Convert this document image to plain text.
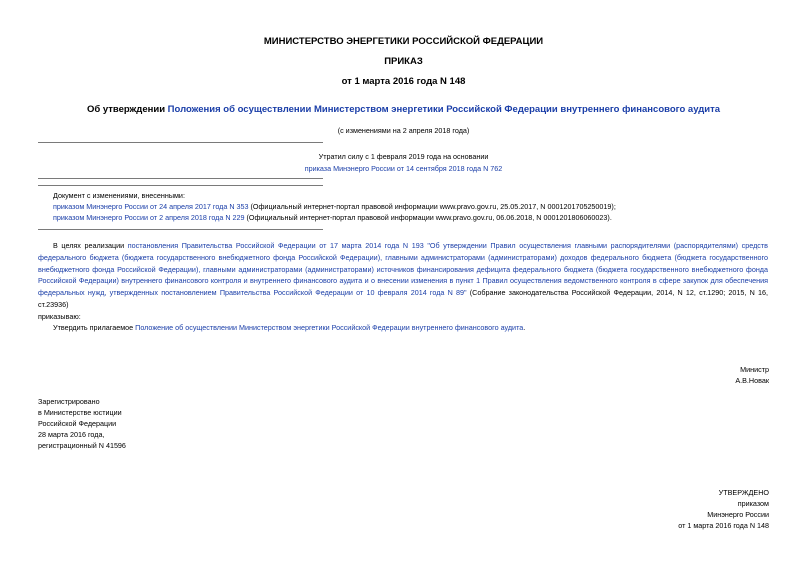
МИНИСТЕРСТВО ЭНЕРГЕТИКИ РОССИЙСКОЙ ФЕДЕРАЦИИ
ПРИКАЗ
от 1 марта 2016 года N 148
Об утверждении Положения об осуществлении Министерством энергетики Российской Федерации внутреннего финансового аудита
(с изменениями на 2 апреля 2018 года)
Утратил силу с 1 февраля 2019 года на основании
приказа Минэнерго России от 14 сентября 2018 года N 762
Документ с изменениями, внесенными:
приказом Минэнерго России от 24 апреля 2017 года N 353 (Официальный интернет-портал правовой информации www.pravo.gov.ru, 25.05.2017, N 0001201705250019);
приказом Минэнерго России от 2 апреля 2018 года N 229 (Официальный интернет-портал правовой информации www.pravo.gov.ru, 06.06.2018, N 0001201806060023).
В целях реализации постановления Правительства Российской Федерации от 17 марта 2014 года N 193 "Об утверждении Правил осуществления главными распорядителями (распорядителями) средств федерального бюджета (бюджета государственного внебюджетного фонда Российской Федерации), главными администраторами (администраторами) доходов федерального бюджета (бюджета государственного внебюджетного фонда Российской Федерации), главными администраторами (администраторами) источников финансирования дефицита федерального бюджета (бюджета государственного внебюджетного фонда Российской Федерации) внутреннего финансового контроля и внутреннего финансового аудита и о внесении изменения в пункт 1 Правил осуществления ведомственного контроля в сфере закупок для обеспечения федеральных нужд, утвержденных постановлением Правительства Российской Федерации от 10 февраля 2014 года N 89" (Собрание законодательства Российской Федерации, 2014, N 12, ст.1290; 2015, N 16, ст.23936)
приказываю:
Утвердить прилагаемое Положение об осуществлении Министерством энергетики Российской Федерации внутреннего финансового аудита.
Министр
А.В.Новак
Зарегистрировано
в Министерстве юстиции
Российской Федерации
28 марта 2016 года,
регистрационный N 41596
УТВЕРЖДЕНО
приказом
Минэнерго России
от 1 марта 2016 года N 148
